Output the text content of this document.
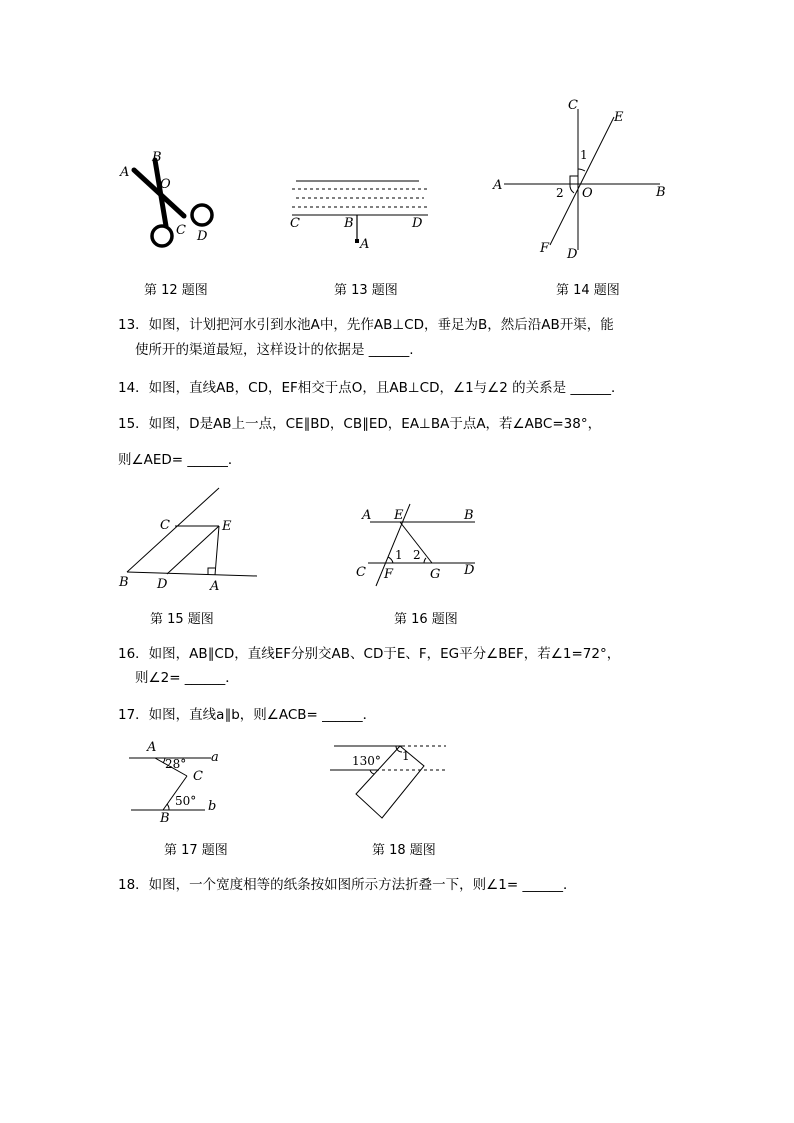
A
B
O
C D
第 12 题图
C	B	D
A
第 13 题图
C
E
1
A	2 O	B
F D
第 14 题图
13．如图，计划把河水引到水池A中，先作AB⊥CD，垂足为B，然后沿AB开渠，能
使所开的渠道最短，这样设计的依据是 ______.
14．如图，直线AB，CD，EF相交于点O，且AB⊥CD，∠1与∠2 的关系是 ______．
15．如图，D是AB上一点，CE∥BD，CB∥ED，EA⊥BA于点A，若∠ABC=38°，
则∠AED= ______．
C	E
B D	A
第 15 题图
A E	B
1 2
C F	G D
第 16 题图
16．如图，AB∥CD，直线EF分别交AB、CD于E、F，EG平分∠BEF，若∠1=72°，
则∠2= ______．
17．如图，直线a∥b，则∠ACB= ______．
A
a
28°
C
50° b
B
第 17 题图
130° 1
第 18 题图
18．如图，一个宽度相等的纸条按如图所示方法折叠一下，则∠1= ______．
